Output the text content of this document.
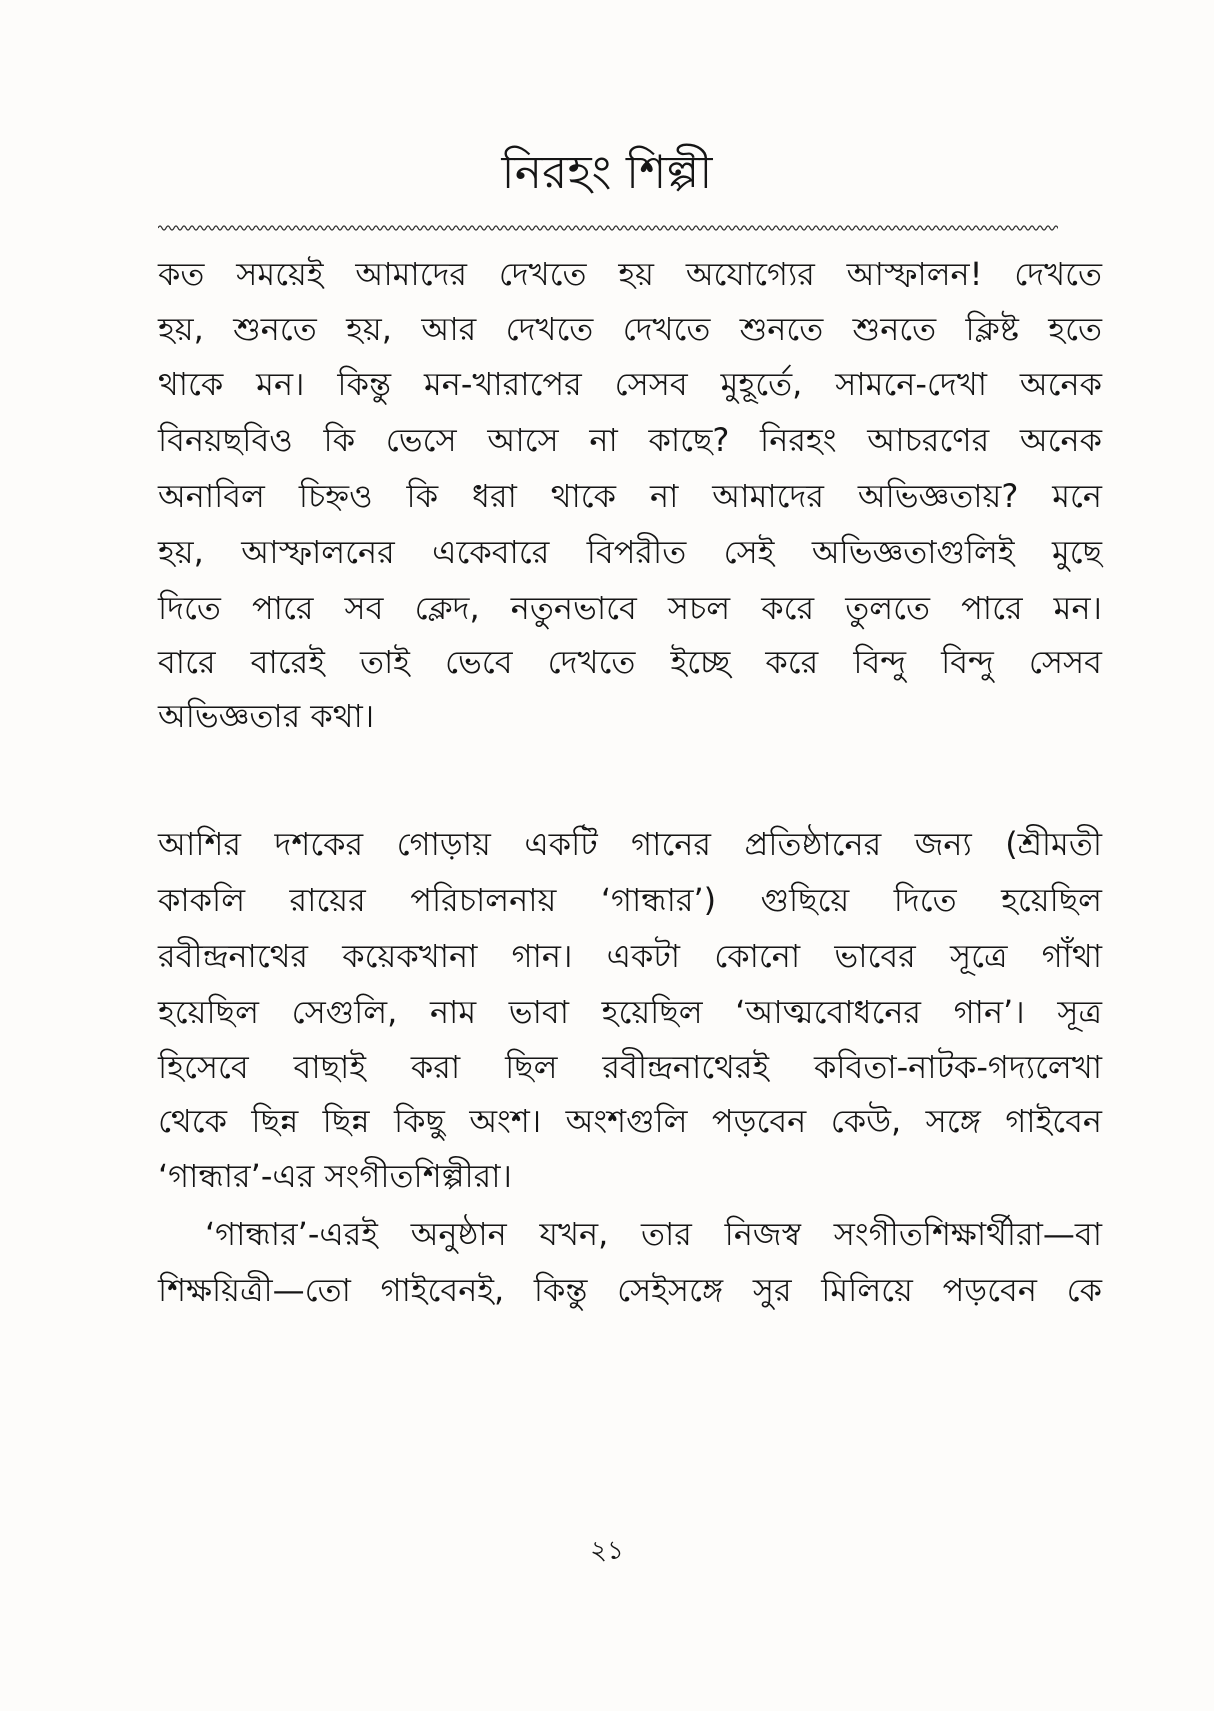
নিরহং শিল্পী
কত সময়েই আমাদের দেখতে হয় অযোগ্যের আস্ফালন! দেখতে
হয়, শুনতে হয়, আর দেখতে দেখতে শুনতে শুনতে ক্লিষ্ট হতে
থাকে মন। কিন্তু মন-খারাপের সেসব মুহূর্তে, সামনে-দেখা অনেক
বিনয়ছবিও কি ভেসে আসে না কাছে? নিরহং আচরণের অনেক
অনাবিল চিহ্নও কি ধরা থাকে না আমাদের অভিজ্ঞতায়? মনে
হয়, আস্ফালনের একেবারে বিপরীত সেই অভিজ্ঞতাগুলিই মুছে
দিতে পারে সব ক্লেদ, নতুনভাবে সচল করে তুলতে পারে মন।
বারে বারেই তাই ভেবে দেখতে ইচ্ছে করে বিন্দু বিন্দু সেসব
অভিজ্ঞতার কথা।
আশির দশকের গোড়ায় একটি গানের প্রতিষ্ঠানের জন্য (শ্রীমতী
কাকলি রায়ের পরিচালনায় ‘গান্ধার’) গুছিয়ে দিতে হয়েছিল
রবীন্দ্রনাথের কয়েকখানা গান। একটা কোনো ভাবের সূত্রে গাঁথা
হয়েছিল সেগুলি, নাম ভাবা হয়েছিল ‘আত্মবোধনের গান’। সূত্র
হিসেবে বাছাই করা ছিল রবীন্দ্রনাথেরই কবিতা-নাটক-গদ্যলেখা
থেকে ছিন্ন ছিন্ন কিছু অংশ। অংশগুলি পড়বেন কেউ, সঙ্গে গাইবেন
‘গান্ধার’-এর সংগীতশিল্পীরা।
‘গান্ধার’-এরই অনুষ্ঠান যখন, তার নিজস্ব সংগীতশিক্ষার্থীরা—বা
শিক্ষয়িত্রী—তো গাইবেনই, কিন্তু সেইসঙ্গে সুর মিলিয়ে পড়বেন কে
২১
